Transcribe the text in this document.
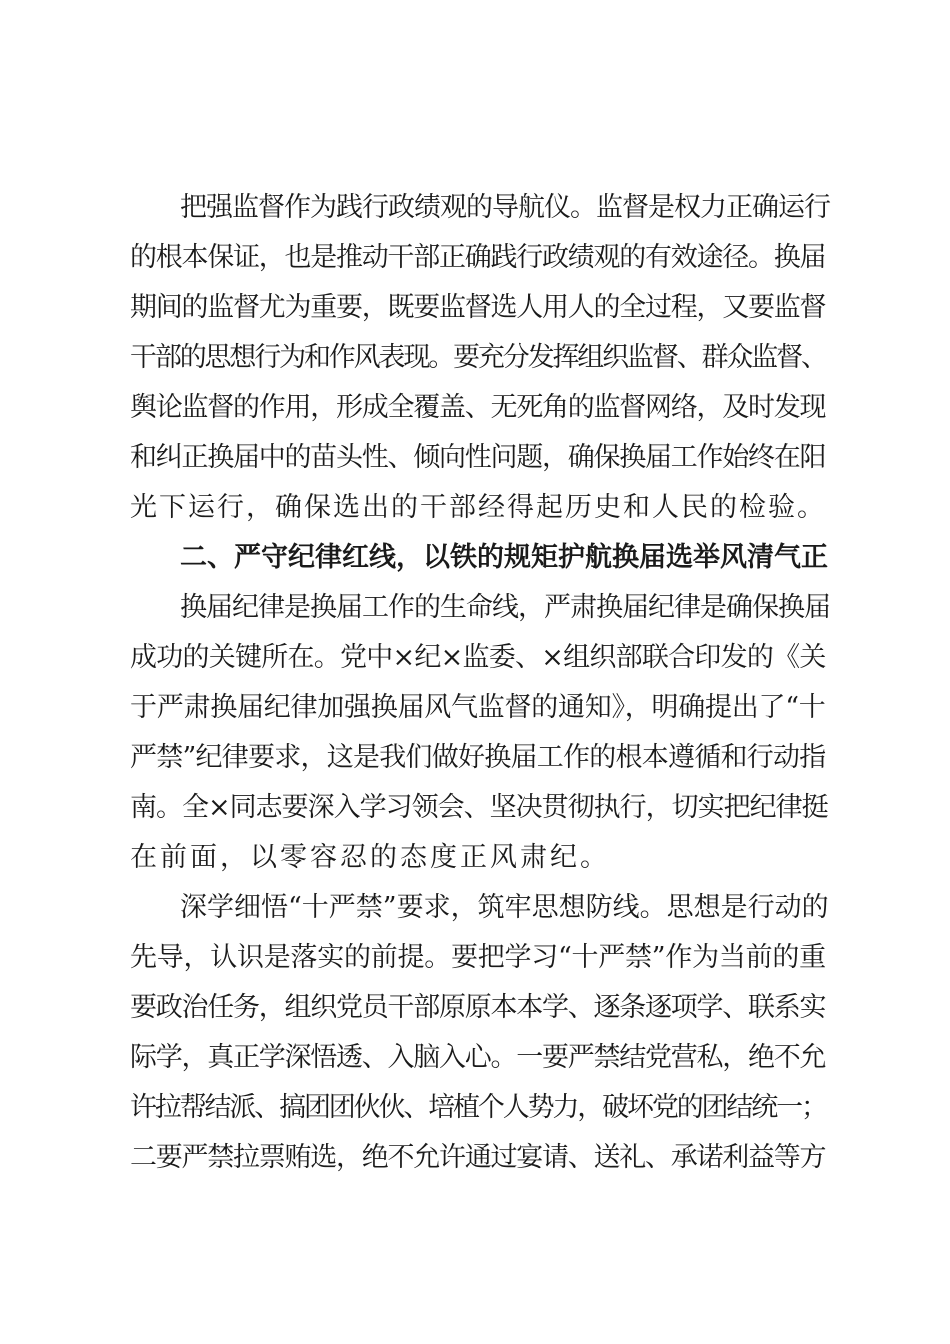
把强监督作为践行政绩观的导航仪。监督是权力正确运行
的根本保证，也是推动干部正确践行政绩观的有效途径。换届
期间的监督尤为重要，既要监督选人用人的全过程，又要监督
干部的思想行为和作风表现。要充分发挥组织监督、群众监督、
舆论监督的作用，形成全覆盖、无死角的监督网络，及时发现
和纠正换届中的苗头性、倾向性问题，确保换届工作始终在阳
光下运行，确保选出的干部经得起历史和人民的检验。
二、严守纪律红线，以铁的规矩护航换届选举风清气正
换届纪律是换届工作的生命线，严肃换届纪律是确保换届
成功的关键所在。党中×纪×监委、×组织部联合印发的《关
于严肃换届纪律加强换届风气监督的通知》，明确提出了“十
严禁”纪律要求，这是我们做好换届工作的根本遵循和行动指
南。全×同志要深入学习领会、坚决贯彻执行，切实把纪律挺
在前面，以零容忍的态度正风肃纪。
深学细悟“十严禁”要求，筑牢思想防线。思想是行动的
先导，认识是落实的前提。要把学习“十严禁”作为当前的重
要政治任务，组织党员干部原原本本学、逐条逐项学、联系实
际学，真正学深悟透、入脑入心。一要严禁结党营私，绝不允
许拉帮结派、搞团团伙伙、培植个人势力，破坏党的团结统一；
二要严禁拉票贿选，绝不允许通过宴请、送礼、承诺利益等方
